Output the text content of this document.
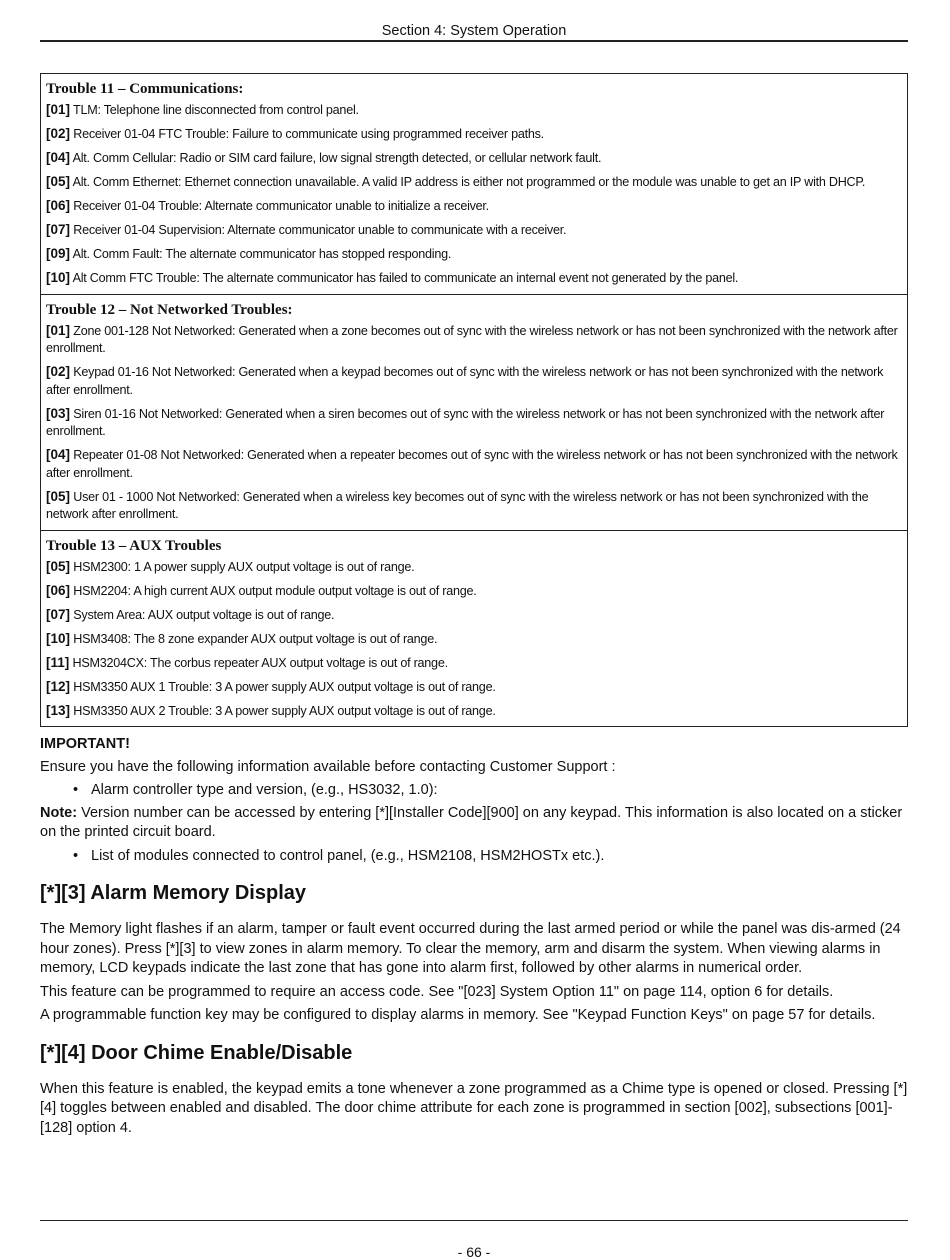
Section 4: System Operation
Trouble 11 – Communications:
[01] TLM: Telephone line disconnected from control panel.
[02] Receiver 01-04 FTC Trouble: Failure to communicate using programmed receiver paths.
[04] Alt. Comm Cellular: Radio or SIM card failure, low signal strength detected, or cellular network fault.
[05] Alt. Comm Ethernet: Ethernet connection unavailable. A valid IP address is either not programmed or the module was unable to get an IP with DHCP.
[06] Receiver 01-04 Trouble: Alternate communicator unable to initialize a receiver.
[07] Receiver 01-04 Supervision: Alternate communicator unable to communicate with a receiver.
[09] Alt. Comm Fault: The alternate communicator has stopped responding.
[10] Alt Comm FTC Trouble: The alternate communicator has failed to communicate an internal event not generated by the panel.
Trouble 12 – Not Networked Troubles:
[01] Zone 001-128 Not Networked: Generated when a zone becomes out of sync with the wireless network or has not been synchronized with the network after enrollment.
[02] Keypad 01-16 Not Networked: Generated when a keypad becomes out of sync with the wireless network or has not been synchronized with the network after enrollment.
[03] Siren 01-16 Not Networked: Generated when a siren becomes out of sync with the wireless network or has not been synchronized with the network after enrollment.
[04] Repeater 01-08 Not Networked: Generated when a repeater becomes out of sync with the wireless network or has not been synchronized with the network after enrollment.
[05] User 01 - 1000 Not Networked: Generated when a wireless key becomes out of sync with the wireless network or has not been synchronized with the network after enrollment.
Trouble 13 – AUX Troubles
[05] HSM2300: 1 A power supply AUX output voltage is out of range.
[06] HSM2204: A high current AUX output module output voltage is out of range.
[07] System Area: AUX output voltage is out of range.
[10] HSM3408: The 8 zone expander AUX output voltage is out of range.
[11] HSM3204CX: The corbus repeater AUX output voltage is out of range.
[12] HSM3350 AUX 1 Trouble: 3 A power supply AUX output voltage is out of range.
[13] HSM3350 AUX 2 Trouble: 3 A power supply AUX output voltage is out of range.

IMPORTANT!

Ensure you have the following information available before contacting Customer Support :

• Alarm controller type and version, (e.g., HS3032, 1.0):

Note: Version number can be accessed by entering [*][Installer Code][900] on any keypad. This information is also located on a sticker on the printed circuit board.

• List of modules connected to control panel, (e.g., HSM2108, HSM2HOSTx etc.).
[*][3] Alarm Memory Display

The Memory light flashes if an alarm, tamper or fault event occurred during the last armed period or while the panel was dis-armed (24 hour zones). Press [*][3] to view zones in alarm memory. To clear the memory, arm and disarm the system. When viewing alarms in memory, LCD keypads indicate the last zone that has gone into alarm first, followed by other alarms in numerical order.

This feature can be programmed to require an access code. See "[023] System Option 11" on page 114, option 6 for details.

A programmable function key may be configured to display alarms in memory. See "Keypad Function Keys" on page 57 for details.

[*][4] Door Chime Enable/Disable

When this feature is enabled, the keypad emits a tone whenever a zone programmed as a Chime type is opened or closed. Pressing [*][4] toggles between enabled and disabled. The door chime attribute for each zone is programmed in section [002], subsections [001]-[128] option 4.

- 66 -
